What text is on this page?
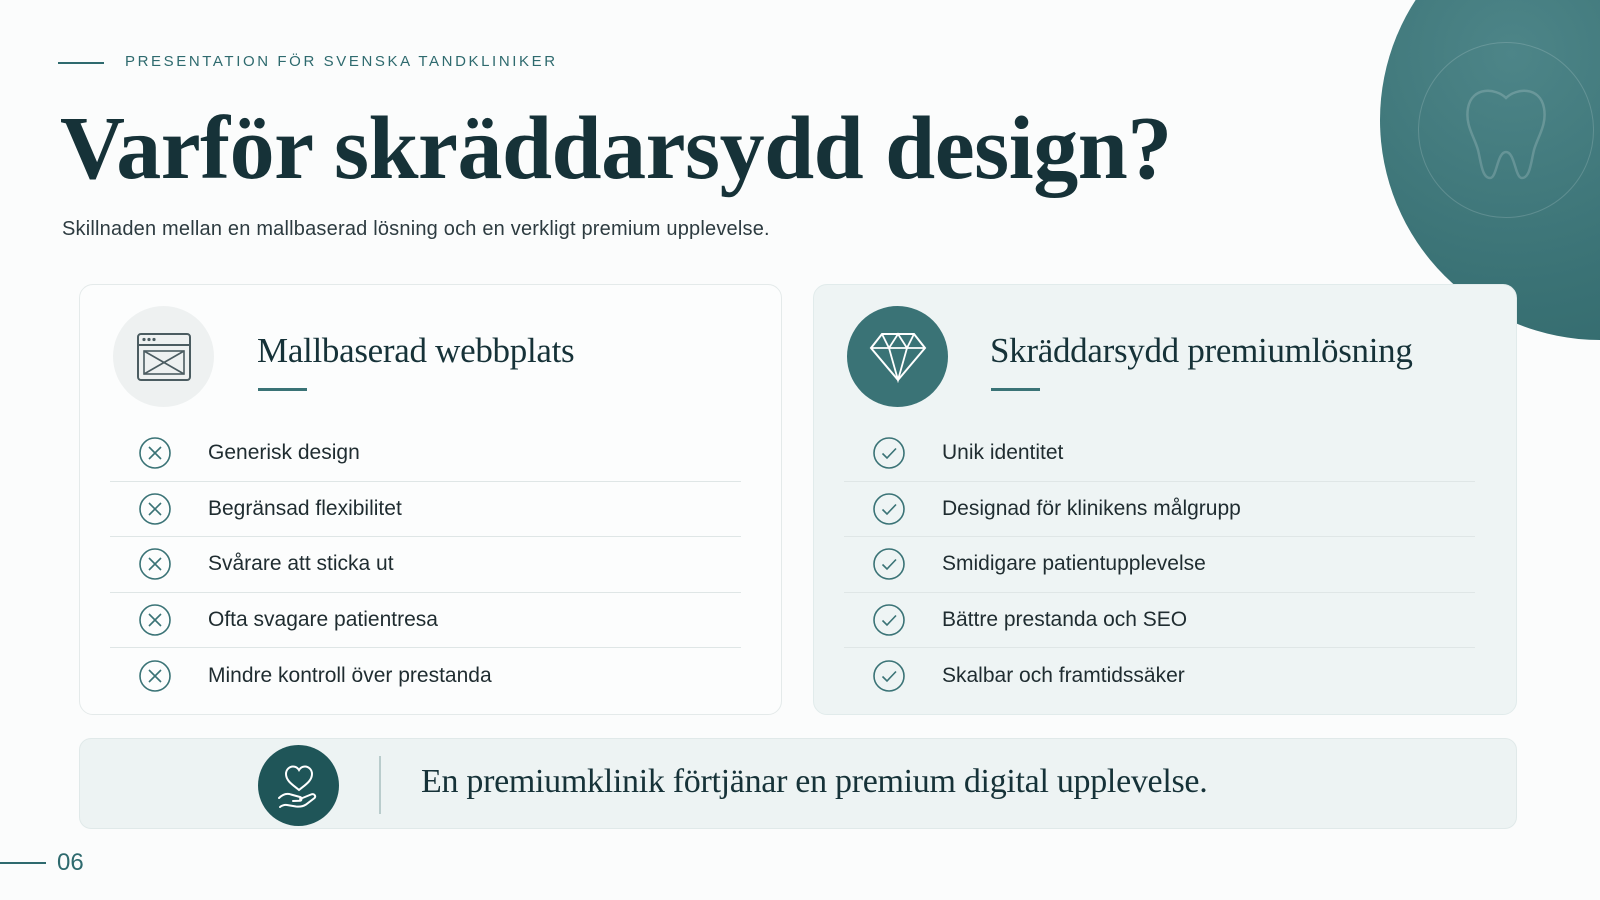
PRESENTATION FÖR SVENSKA TANDKLINIKER
Varför skräddarsydd design?

Skillnaden mellan en mallbaserad lösning och en verkligt premium upplevelse.

Mallbaserad webbplats
Generisk design
Begränsad flexibilitet
Svårare att sticka ut
Ofta svagare patientresa
Mindre kontroll över prestanda
Skräddarsydd premiumlösning
Unik identitet
Designad för klinikens målgrupp
Smidigare patientupplevelse
Bättre prestanda och SEO
Skalbar och framtidssäker
En premiumklinik förtjänar en premium digital upplevelse.
06
